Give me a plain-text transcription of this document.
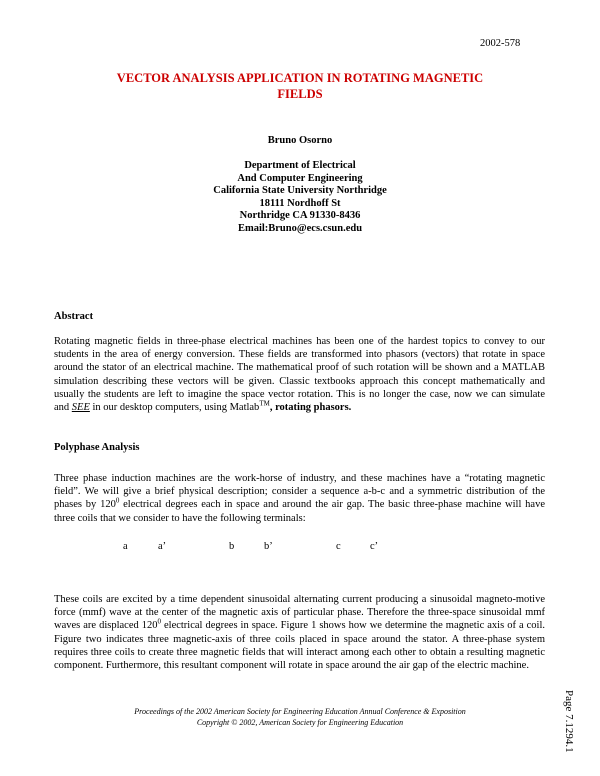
2002-578
VECTOR ANALYSIS APPLICATION IN ROTATING MAGNETIC
FIELDS
Bruno Osorno
Department of Electrical
And Computer Engineering
California State University Northridge
18111 Nordhoff St
Northridge CA 91330-8436
Email:Bruno@ecs.csun.edu
Abstract
Rotating magnetic fields in three-phase electrical machines has been one of the hardest topics to convey to our students in the area of energy conversion. These fields are transformed into phasors (vectors) that rotate in space around the stator of an electrical machine. The mathematical proof of such rotation will be shown and a MATLAB simulation describing these vectors will be given. Classic textbooks approach this concept mathematically and usually the students are left to imagine the space vector rotation. This is no longer the case, now we can simulate and SEE in our desktop computers, using Matlab™, rotating phasors.
Polyphase Analysis
Three phase induction machines are the work-horse of industry, and these machines have a “rotating magnetic field”. We will give a brief physical description; consider a sequence a-b-c and a symmetric distribution of the phases by $120^0$ electrical degrees each in space and around the air gap. The basic three-phase machine will have three coils that we consider to have the following terminals:
a	a’	b	b’	c	c’
These coils are excited by a time dependent sinusoidal alternating current producing a sinusoidal magneto-motive force (mmf) wave at the center of the magnetic axis of particular phase. Therefore the three-space sinusoidal mmf waves are displaced $120^0$ electrical degrees in space. Figure 1 shows how we determine the magnetic axis of a coil. Figure two indicates three magnetic-axis of three coils placed in space around the stator. A three-phase system requires three coils to create three magnetic fields that will interact among each other to obtain a resulting magnetic component. Furthermore, this resultant component will rotate in space around the air gap of the electric machine.
Proceedings of the 2002 American Society for Engineering Education Annual Conference & Exposition
Copyright © 2002, American Society for Engineering Education	Page 7.1294.1
